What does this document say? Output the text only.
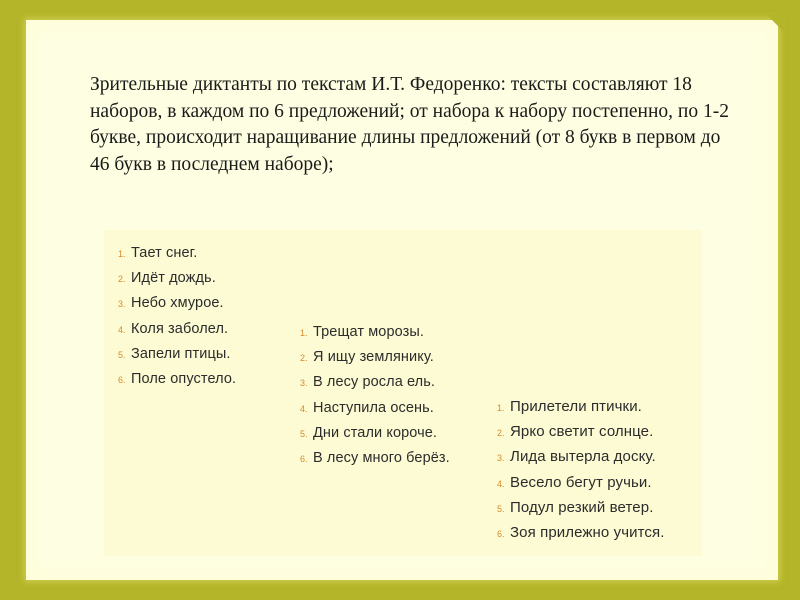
Зрительные диктанты по текстам И.Т. Федоренко: тексты составляют 18 наборов, в каждом по 6 предложений; от набора к набору постепенно, по 1-2 букве, происходит наращивание длины предложений (от 8 букв в первом до 46 букв в последнем наборе);

1. Тает снег.
2. Идёт дождь.
3. Небо хмурое.
4. Коля заболел.
5. Запели птицы.
6. Поле опустело.
1. Трещат морозы.
2. Я ищу землянику.
3. В лесу росла ель.
4. Наступила осень.
5. Дни стали короче.
6. В лесу много берёз.
1. Прилетели птички.
2. Ярко светит солнце.
3. Лида вытерла доску.
4. Весело бегут ручьи.
5. Подул резкий ветер.
6. Зоя прилежно учится.
